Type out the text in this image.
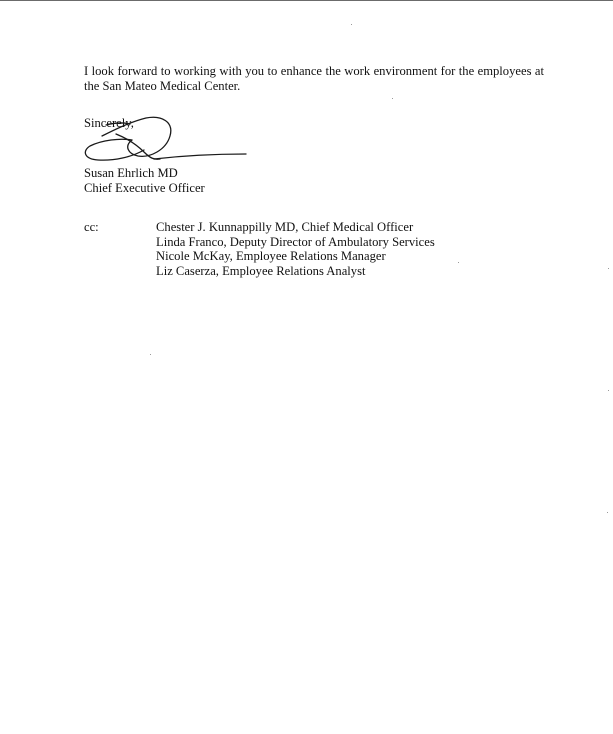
I look forward to working with you to enhance the work environment for the employees at the San Mateo Medical Center.

Sincerely,
Susan Ehrlich MD
Chief Executive Officer
cc:	Chester J. Kunnappilly MD, Chief Medical Officer
Linda Franco, Deputy Director of Ambulatory Services
Nicole McKay, Employee Relations Manager
Liz Caserza, Employee Relations Analyst
